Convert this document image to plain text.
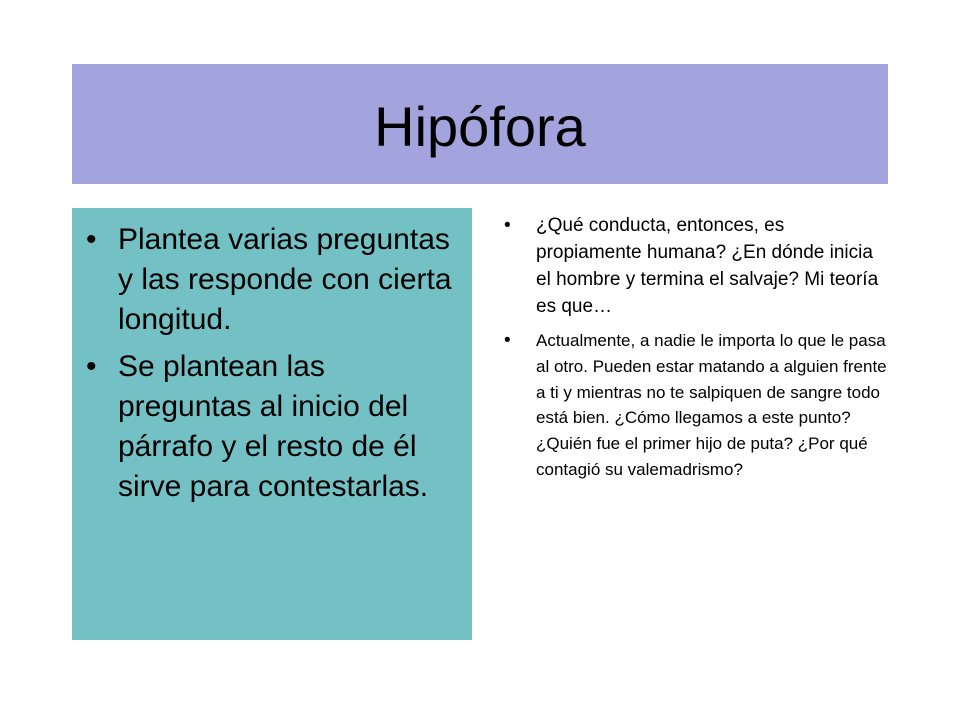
Hipófora
• Plantea varias preguntas y las responde con cierta longitud.
• Se plantean las preguntas al inicio del párrafo y el resto de él sirve para contestarlas.
• ¿Qué conducta, entonces, es propiamente humana? ¿En dónde inicia el hombre y termina el salvaje? Mi teoría es que…
• Actualmente, a nadie le importa lo que le pasa al otro. Pueden estar matando a alguien frente a ti y mientras no te salpiquen de sangre todo está bien. ¿Cómo llegamos a este punto? ¿Quién fue el primer hijo de puta? ¿Por qué contagió su valemadrismo?
